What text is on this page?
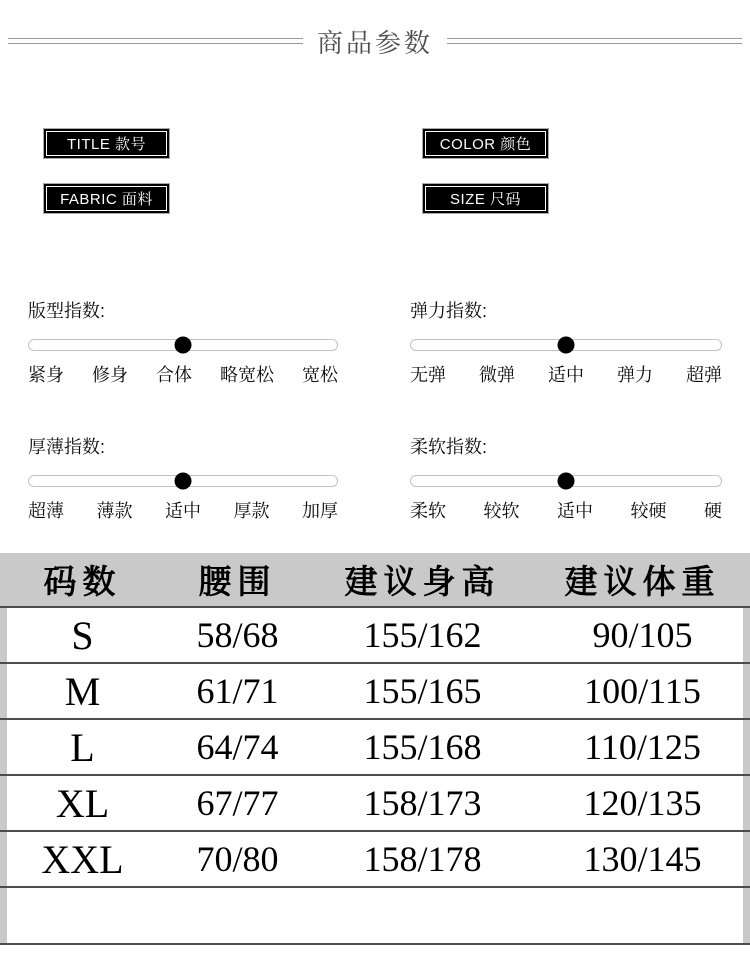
商品参数
TITLE 款号	COLOR 颜色
FABRIC 面料	SIZE 尺码
版型指数:
紧身 修身 合体 略宽松 宽松
弹力指数:
无弹 微弹 适中 弹力 超弹
厚薄指数:
超薄 薄款 适中 厚款 加厚
柔软指数:
柔软 较软 适中 较硬 硬
码数	腰围	建议身高	建议体重
S	58/68	155/162	90/105
M	61/71	155/165	100/115
L	64/74	155/168	110/125
XL	67/77	158/173	120/135
XXL	70/80	158/178	130/145
